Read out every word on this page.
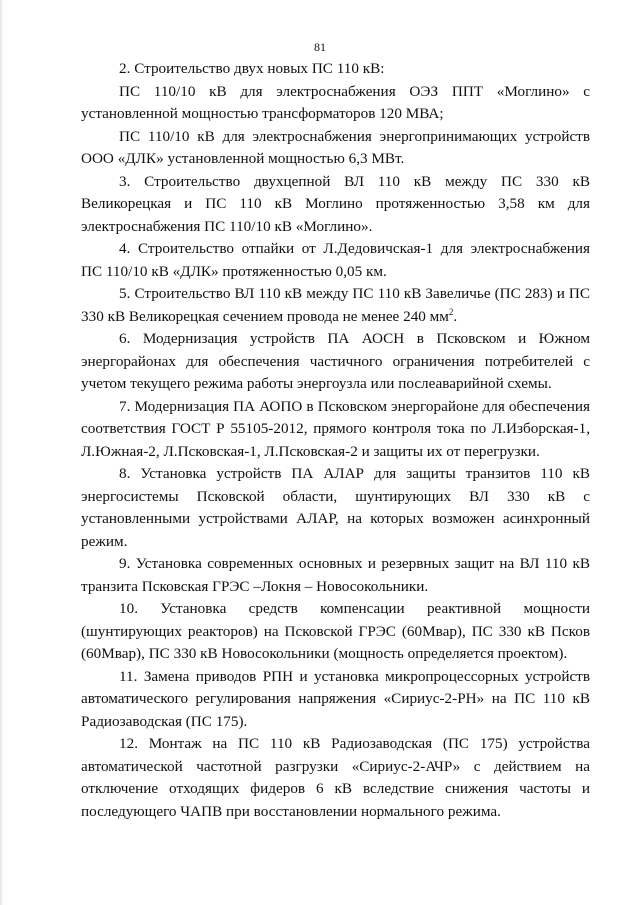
81

2. Строительство двух новых ПС 110 кВ:

ПС 110/10 кВ для электроснабжения ОЭЗ ППТ «Моглино» с установленной мощностью трансформаторов 120 МВА;

ПС 110/10 кВ для электроснабжения энергопринимающих устройств ООО «ДЛК» установленной мощностью 6,3 МВт.

3. Строительство двухцепной ВЛ 110 кВ между ПС 330 кВ Великорецкая и ПС 110 кВ Моглино протяженностью 3,58 км для электроснабжения ПС 110/10 кВ «Моглино».

4. Строительство отпайки от Л.Дедовичская-1 для электроснабжения ПС 110/10 кВ «ДЛК» протяженностью 0,05 км.

5. Строительство ВЛ 110 кВ между ПС 110 кВ Завеличье (ПС 283) и ПС 330 кВ Великорецкая сечением провода не менее 240 $мм^2$.

6. Модернизация устройств ПА АОСН в Псковском и Южном энергорайонах для обеспечения частичного ограничения потребителей с учетом текущего режима работы энергоузла или послеаварийной схемы.

7. Модернизация ПА АОПО в Псковском энергорайоне для обеспечения соответствия ГОСТ Р 55105-2012, прямого контроля тока по Л.Изборская-1, Л.Южная-2, Л.Псковская-1, Л.Псковская-2 и защиты их от перегрузки.

8. Установка устройств ПА АЛАР для защиты транзитов 110 кВ энергосистемы Псковской области, шунтирующих ВЛ 330 кВ с установленными устройствами АЛАР, на которых возможен асинхронный режим.

9. Установка современных основных и резервных защит на ВЛ 110 кВ транзита Псковская ГРЭС –Локня – Новосокольники.

10. Установка средств компенсации реактивной мощности (шунтирующих реакторов) на Псковской ГРЭС (60Мвар), ПС 330 кВ Псков (60Мвар), ПС 330 кВ Новосокольники (мощность определяется проектом).

11. Замена приводов РПН и установка микропроцессорных устройств автоматического регулирования напряжения «Сириус-2-РН» на ПС 110 кВ Радиозаводская (ПС 175).

12. Монтаж на ПС 110 кВ Радиозаводская (ПС 175) устройства автоматической частотной разгрузки «Сириус-2-АЧР» с действием на отключение отходящих фидеров 6 кВ вследствие снижения частоты и последующего ЧАПВ при восстановлении нормального режима.
